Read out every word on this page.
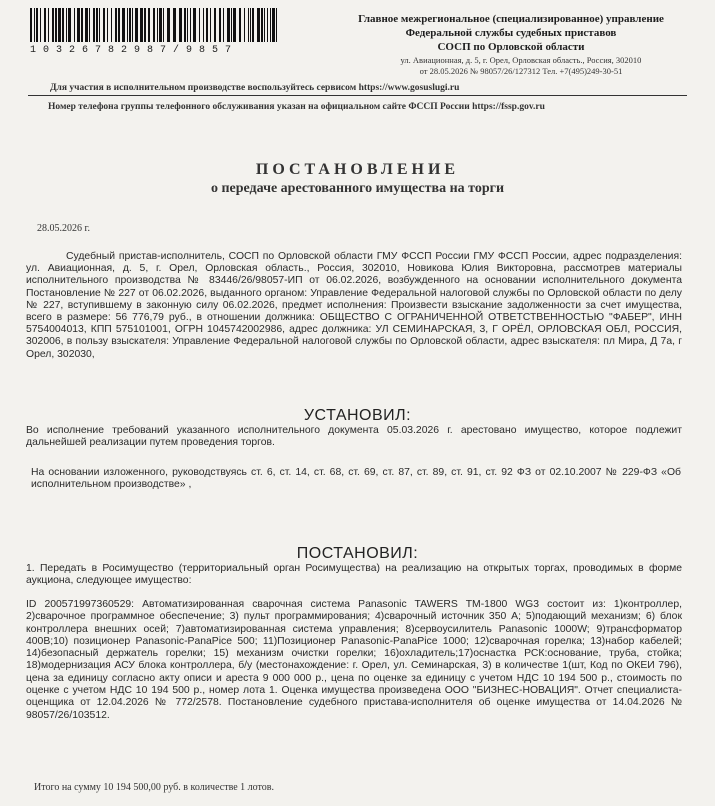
10326782987/9857
Главное межрегиональное (специализированное) управление
Федеральной службы судебных приставов
СОСП по Орловской области
ул. Авиационная, д. 5, г. Орел, Орловская область., Россия, 302010
от 28.05.2026 № 98057/26/127312 Тел. +7(495)249-30-51
Для участия в исполнительном производстве воспользуйтесь сервисом https://www.gosuslugi.ru
Номер телефона группы телефонного обслуживания указан на официальном сайте ФССП России https://fssp.gov.ru
ПОСТАНОВЛЕНИЕ
о передаче арестованного имущества на торги
28.05.2026 г.
Судебный пристав-исполнитель, СОСП по Орловской области ГМУ ФССП России ГМУ ФССП России, адрес подразделения: ул. Авиационная, д. 5, г. Орел, Орловская область., Россия, 302010, Новикова Юлия Викторовна, рассмотрев материалы исполнительного производства № 83446/26/98057-ИП от 06.02.2026, возбужденного на основании исполнительного документа Постановление № 227 от 06.02.2026, выданного органом: Управление Федеральной налоговой службы по Орловской области по делу № 227, вступившему в законную силу 06.02.2026, предмет исполнения: Произвести взыскание задолженности за счет имущества, всего в размере: 56 776,79 руб., в отношении должника: ОБЩЕСТВО С ОГРАНИЧЕННОЙ ОТВЕТСТВЕННОСТЬЮ "ФАБЕР", ИНН 5754004013, КПП 575101001, ОГРН 1045742002986, адрес должника: УЛ СЕМИНАРСКАЯ, 3, Г ОРЁЛ, ОРЛОВСКАЯ ОБЛ, РОССИЯ, 302006, в пользу взыскателя: Управление Федеральной налоговой службы по Орловской области, адрес взыскателя: пл Мира, Д 7а, г Орел, 302030,
УСТАНОВИЛ:
Во исполнение требований указанного исполнительного документа 05.03.2026 г. арестовано имущество, которое подлежит дальнейшей реализации путем проведения торгов.
На основании изложенного, руководствуясь ст. 6, ст. 14, ст. 68, ст. 69, ст. 87, ст. 89, ст. 91, ст. 92 ФЗ от 02.10.2007 № 229-ФЗ «Об исполнительном производстве» ,
ПОСТАНОВИЛ:
1. Передать в Росимущество (территориальный орган Росимущества) на реализацию на открытых торгах, проводимых в форме аукциона, следующее имущество:
ID 200571997360529: Автоматизированная сварочная система Panasonic TAWERS TM-1800 WG3 состоит из: 1)контроллер, 2)сварочное программное обеспечение; 3) пульт программирования; 4)сварочный источник 350 A; 5)подающий механизм; 6) блок контроллера внешних осей; 7)автоматизированная система управления; 8)сервоусилитель Panasonic 1000W; 9)трансформатор 400В;10) позиционер Panasonic-PanaPice 500; 11)Позиционер Panasonic-PanaPice 1000; 12)сварочная горелка; 13)набор кабелей; 14)безопасный держатель горелки; 15) механизм очистки горелки; 16)охладитель;17)оснастка РСК:основание, труба, стойка; 18)модернизация АСУ блока контроллера, б/у (местонахождение: г. Орел, ул. Семинарская, 3) в количестве 1(шт, Код по ОКЕИ 796), цена за единицу согласно акту описи и ареста 9 000 000 р., цена по оценке за единицу с учетом НДС 10 194 500 р., стоимость по оценке с учетом НДС 10 194 500 р., номер лота 1. Оценка имущества произведена ООО "БИЗНЕС-НОВАЦИЯ". Отчет специалиста-оценщика от 12.04.2026 № 772/2578. Постановление судебного пристава-исполнителя об оценке имущества от 14.04.2026 № 98057/26/103512.
Итого на сумму 10 194 500,00 руб. в количестве 1 лотов.
